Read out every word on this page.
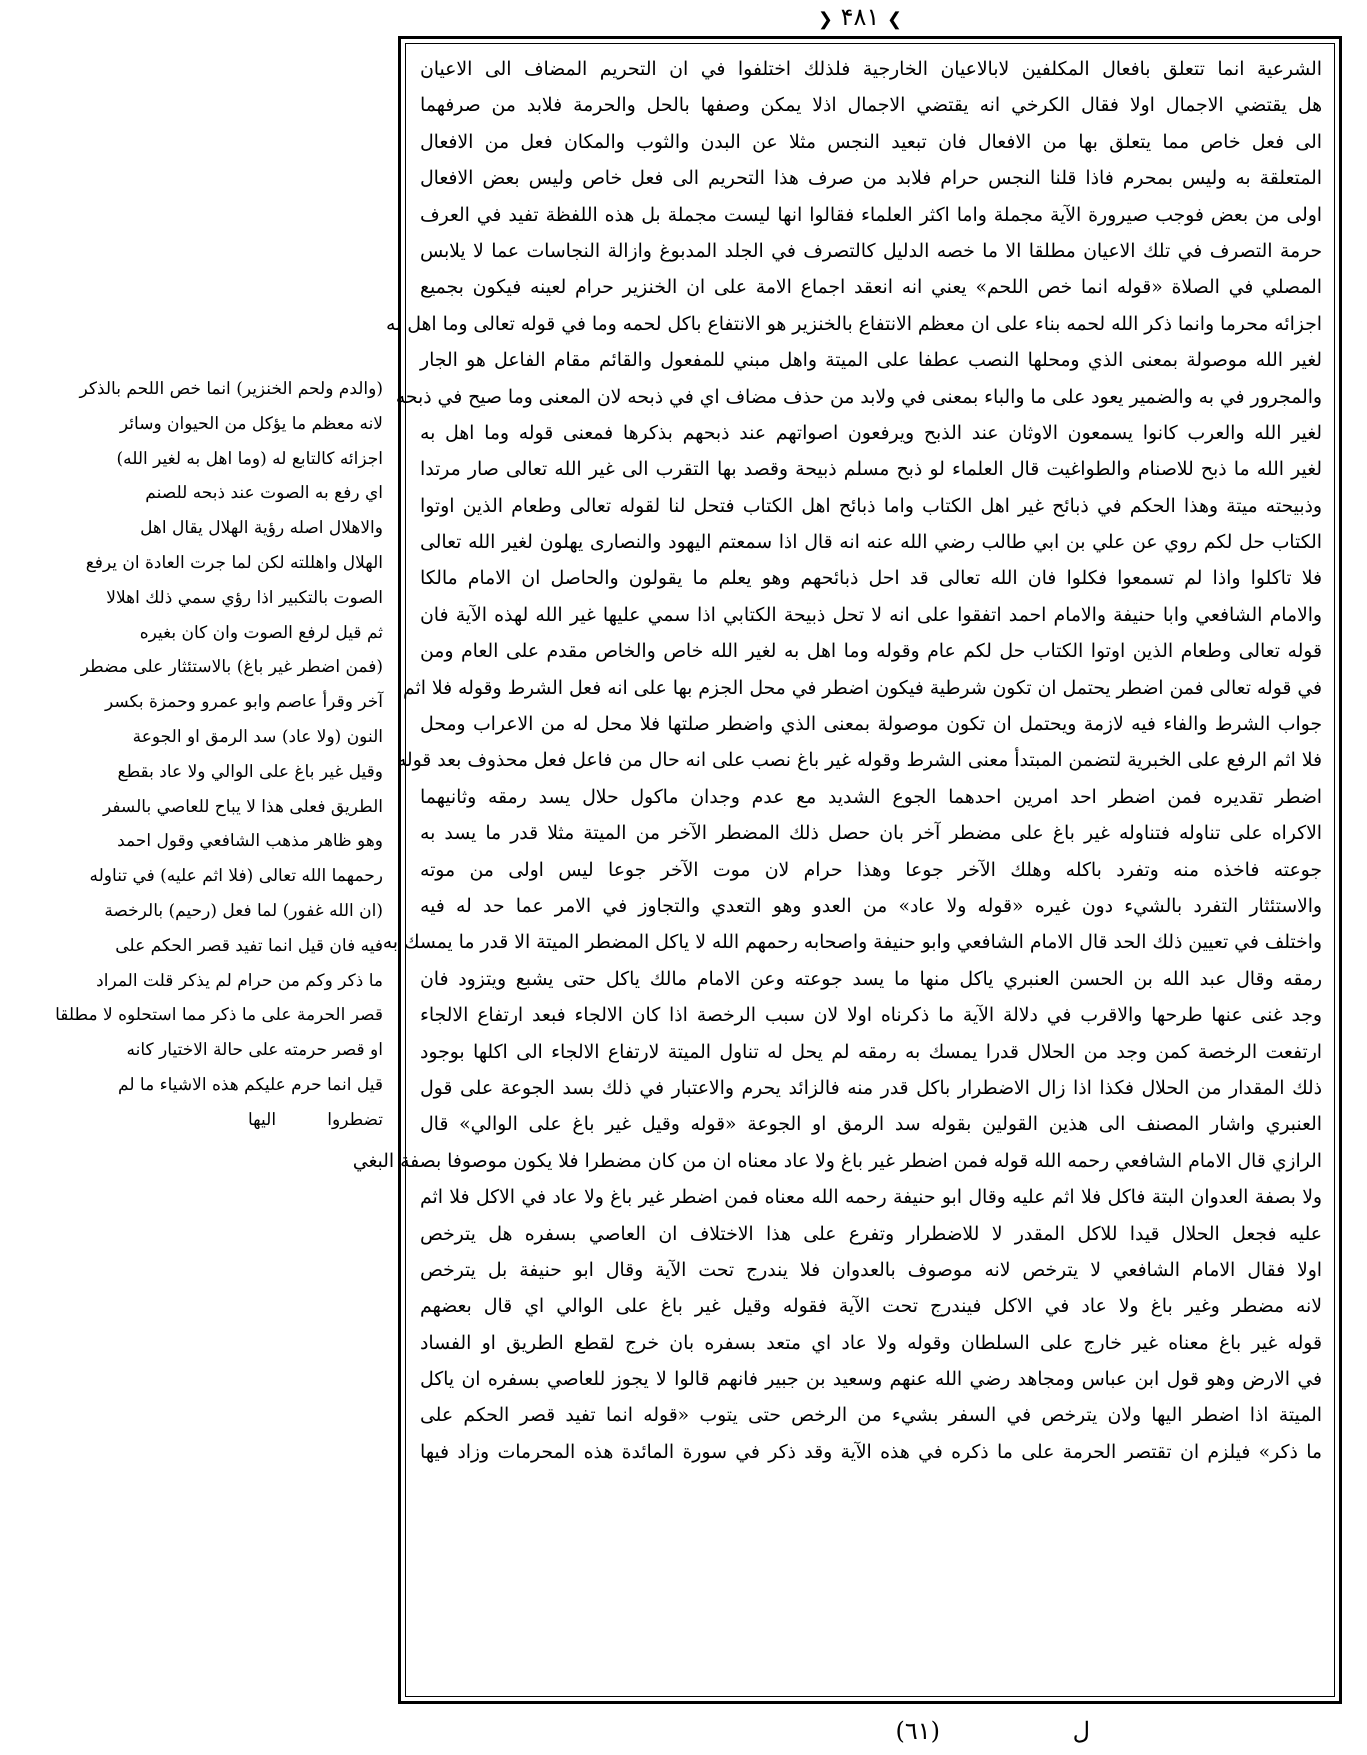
❯ ۴۸۱ ❮
الشرعية انما تتعلق بافعال المكلفين لابالاعيان الخارجية فلذلك اختلفوا في ان التحريم المضاف الى الاعيان
هل يقتضي الاجمال اولا فقال الكرخي انه يقتضي الاجمال اذلا يمكن وصفها بالحل والحرمة فلابد من صرفهما
الى فعل خاص مما يتعلق بها من الافعال فان تبعيد النجس مثلا عن البدن والثوب والمكان فعل من الافعال
المتعلقة به وليس بمحرم فاذا قلنا النجس حرام فلابد من صرف هذا التحريم الى فعل خاص وليس بعض الافعال
اولى من بعض فوجب صيرورة الآية مجملة واما اكثر العلماء فقالوا انها ليست مجملة بل هذه اللفظة تفيد في العرف
حرمة التصرف في تلك الاعيان مطلقا الا ما خصه الدليل كالتصرف في الجلد المدبوغ وازالة النجاسات عما لا يلابس
المصلي في الصلاة «قوله انما خص اللحم» يعني انه انعقد اجماع الامة على ان الخنزير حرام لعينه فيكون بجميع
اجزائه محرما وانما ذكر الله لحمه بناء على ان معظم الانتفاع بالخنزير هو الانتفاع باكل لحمه وما في قوله تعالى وما اهل به
لغير الله موصولة بمعنى الذي ومحلها النصب عطفا على الميتة واهل مبني للمفعول والقائم مقام الفاعل هو الجار
والمجرور في به والضمير يعود على ما والباء بمعنى في ولابد من حذف مضاف اي في ذبحه لان المعنى وما صيح في ذبحه
لغير الله والعرب كانوا يسمعون الاوثان عند الذبح ويرفعون اصواتهم عند ذبحهم بذكرها فمعنى قوله وما اهل به
لغير الله ما ذبح للاصنام والطواغيت قال العلماء لو ذبح مسلم ذبيحة وقصد بها التقرب الى غير الله تعالى صار مرتدا
وذبيحته ميتة وهذا الحكم في ذبائح غير اهل الكتاب واما ذبائح اهل الكتاب فتحل لنا لقوله تعالى وطعام الذين اوتوا
الكتاب حل لكم روي عن علي بن ابي طالب رضي الله عنه انه قال اذا سمعتم اليهود والنصارى يهلون لغير الله تعالى
فلا تاكلوا واذا لم تسمعوا فكلوا فان الله تعالى قد احل ذبائحهم وهو يعلم ما يقولون والحاصل ان الامام مالكا
والامام الشافعي وابا حنيفة والامام احمد اتفقوا على انه لا تحل ذبيحة الكتابي اذا سمي عليها غير الله لهذه الآية فان
قوله تعالى وطعام الذين اوتوا الكتاب حل لكم عام وقوله وما اهل به لغير الله خاص والخاص مقدم على العام ومن
في قوله تعالى فمن اضطر يحتمل ان تكون شرطية فيكون اضطر في محل الجزم بها على انه فعل الشرط وقوله فلا اثم
جواب الشرط والفاء فيه لازمة ويحتمل ان تكون موصولة بمعنى الذي واضطر صلتها فلا محل له من الاعراب ومحل
فلا اثم الرفع على الخبرية لتضمن المبتدأ معنى الشرط وقوله غير باغ نصب على انه حال من فاعل فعل محذوف بعد قوله
اضطر تقديره فمن اضطر احد امرين احدهما الجوع الشديد مع عدم وجدان ماكول حلال يسد رمقه وثانيهما
الاكراه على تناوله فتناوله غير باغ على مضطر آخر بان حصل ذلك المضطر الآخر من الميتة مثلا قدر ما يسد به
جوعته فاخذه منه وتفرد باكله وهلك الآخر جوعا وهذا حرام لان موت الآخر جوعا ليس اولى من موته
والاستئثار التفرد بالشيء دون غيره «قوله ولا عاد» من العدو وهو التعدي والتجاوز في الامر عما حد له فيه
واختلف في تعيين ذلك الحد قال الامام الشافعي وابو حنيفة واصحابه رحمهم الله لا ياكل المضطر الميتة الا قدر ما يمسك به
رمقه وقال عبد الله بن الحسن العنبري ياكل منها ما يسد جوعته وعن الامام مالك ياكل حتى يشبع ويتزود فان
وجد غنى عنها طرحها والاقرب في دلالة الآية ما ذكرناه اولا لان سبب الرخصة اذا كان الالجاء فبعد ارتفاع الالجاء
ارتفعت الرخصة كمن وجد من الحلال قدرا يمسك به رمقه لم يحل له تناول الميتة لارتفاع الالجاء الى اكلها بوجود
ذلك المقدار من الحلال فكذا اذا زال الاضطرار باكل قدر منه فالزائد يحرم والاعتبار في ذلك بسد الجوعة على قول
العنبري واشار المصنف الى هذين القولين بقوله سد الرمق او الجوعة «قوله وقيل غير باغ على الوالي» قال
الرازي قال الامام الشافعي رحمه الله قوله فمن اضطر غير باغ ولا عاد معناه ان من كان مضطرا فلا يكون موصوفا بصفة البغي
ولا بصفة العدوان البتة فاكل فلا اثم عليه وقال ابو حنيفة رحمه الله معناه فمن اضطر غير باغ ولا عاد في الاكل فلا اثم
عليه فجعل الحلال قيدا للاكل المقدر لا للاضطرار وتفرع على هذا الاختلاف ان العاصي بسفره هل يترخص
اولا فقال الامام الشافعي لا يترخص لانه موصوف بالعدوان فلا يندرج تحت الآية وقال ابو حنيفة بل يترخص
لانه مضطر وغير باغ ولا عاد في الاكل فيندرج تحت الآية فقوله وقيل غير باغ على الوالي اي قال بعضهم
قوله غير باغ معناه غير خارج على السلطان وقوله ولا عاد اي متعد بسفره بان خرج لقطع الطريق او الفساد
في الارض وهو قول ابن عباس ومجاهد رضي الله عنهم وسعيد بن جبير فانهم قالوا لا يجوز للعاصي بسفره ان ياكل
الميتة اذا اضطر اليها ولان يترخص في السفر بشيء من الرخص حتى يتوب «قوله انما تفيد قصر الحكم على
ما ذكر» فيلزم ان تقتصر الحرمة على ما ذكره في هذه الآية وقد ذكر في سورة المائدة هذه المحرمات وزاد فيها
(والدم ولحم الخنزير) انما خص اللحم بالذكر
لانه معظم ما يؤكل من الحيوان وسائر
اجزائه كالتابع له (وما اهل به لغير الله)
اي رفع به الصوت عند ذبحه للصنم
والاهلال اصله رؤية الهلال يقال اهل
الهلال واهللته لكن لما جرت العادة ان يرفع
الصوت بالتكبير اذا رؤي سمي ذلك اهلالا
ثم قيل لرفع الصوت وان كان بغيره
(فمن اضطر غير باغ) بالاستئثار على مضطر
آخر وقرأ عاصم وابو عمرو وحمزة بكسر
النون (ولا عاد) سد الرمق او الجوعة
وقيل غير باغ على الوالي ولا عاد بقطع
الطريق فعلى هذا لا يباح للعاصي بالسفر
وهو ظاهر مذهب الشافعي وقول احمد
رحمهما الله تعالى (فلا اثم عليه) في تناوله
(ان الله غفور) لما فعل (رحيم) بالرخصة
فيه فان قيل انما تفيد قصر الحكم على
ما ذكر وكم من حرام لم يذكر قلت المراد
قصر الحرمة على ما ذكر مما استحلوه لا مطلقا
او قصر حرمته على حالة الاختيار كانه
قيل انما حرم عليكم هذه الاشياء ما لم
تضطروا اليها
ل
(٦١)
